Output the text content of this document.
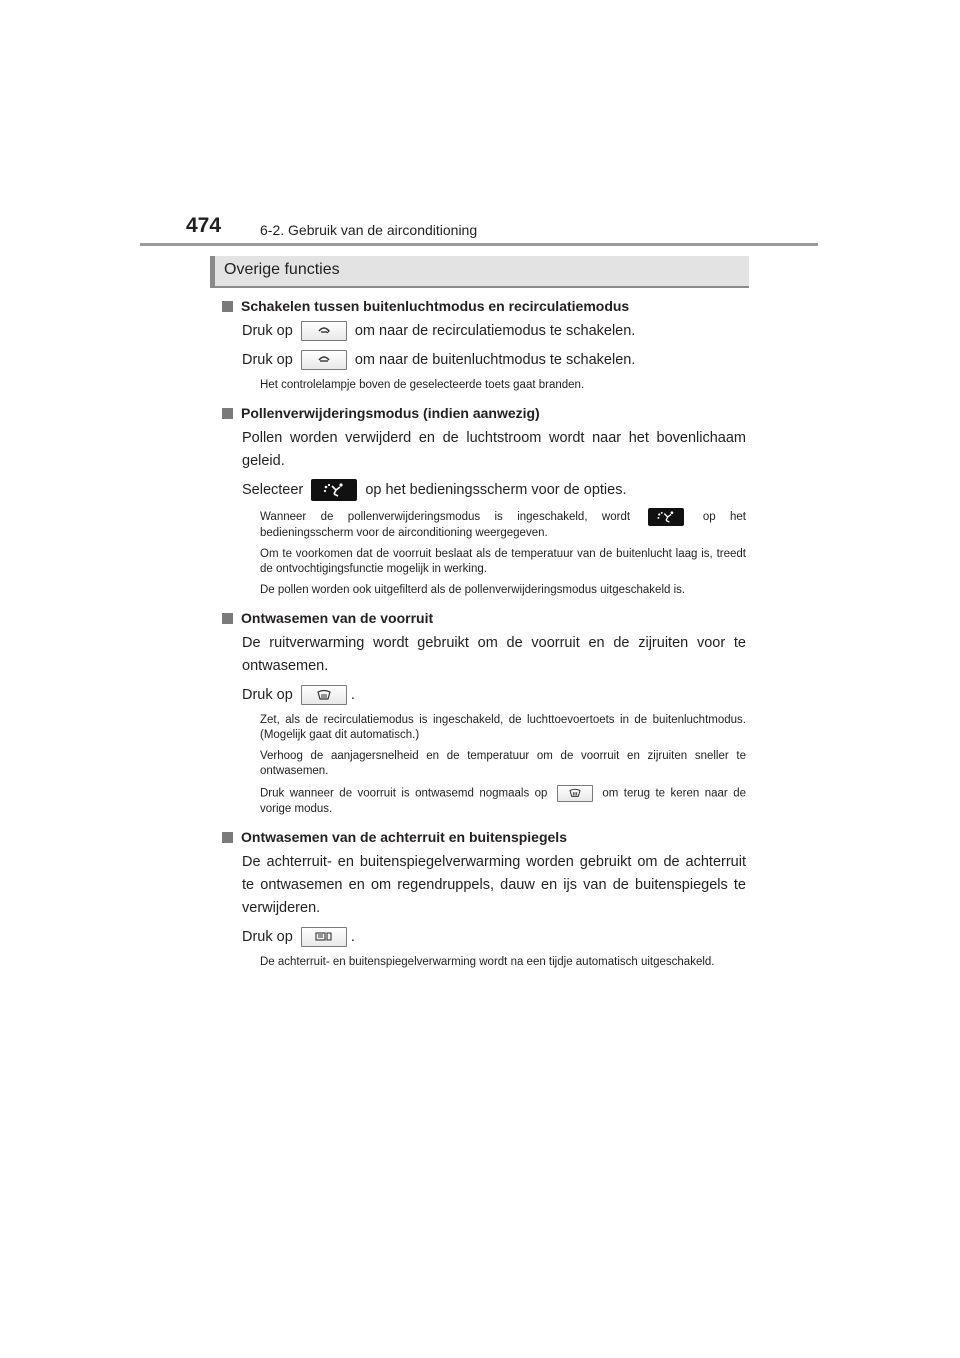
474	6-2. Gebruik van de airconditioning
Overige functies
Schakelen tussen buitenluchtmodus en recirculatiemodus
Druk op	om naar de recirculatiemodus te schakelen.
Druk op	om naar de buitenluchtmodus te schakelen.
Het controlelampje boven de geselecteerde toets gaat branden.
Pollenverwijderingsmodus (indien aanwezig)
Pollen worden verwijderd en de luchtstroom wordt naar het bovenlichaam geleid.
Selecteer	op het bedieningsscherm voor de opties.
Wanneer de pollenverwijderingsmodus is ingeschakeld, wordt	op het bedieningsscherm voor de airconditioning weergegeven.
Om te voorkomen dat de voorruit beslaat als de temperatuur van de buitenlucht laag is, treedt de ontvochtigingsfunctie mogelijk in werking.
De pollen worden ook uitgefilterd als de pollenverwijderingsmodus uitgeschakeld is.
Ontwasemen van de voorruit
De ruitverwarming wordt gebruikt om de voorruit en de zijruiten voor te ontwasemen.
Druk op	.
Zet, als de recirculatiemodus is ingeschakeld, de luchttoevoertoets in de buitenluchtmodus. (Mogelijk gaat dit automatisch.)
Verhoog de aanjagersnelheid en de temperatuur om de voorruit en zijruiten sneller te ontwasemen.
Druk wanneer de voorruit is ontwasemd nogmaals op	om terug te keren naar de vorige modus.
Ontwasemen van de achterruit en buitenspiegels
De achterruit- en buitenspiegelverwarming worden gebruikt om de achterruit te ontwasemen en om regendruppels, dauw en ijs van de buitenspiegels te verwijderen.
Druk op	.
De achterruit- en buitenspiegelverwarming wordt na een tijdje automatisch uitgeschakeld.
